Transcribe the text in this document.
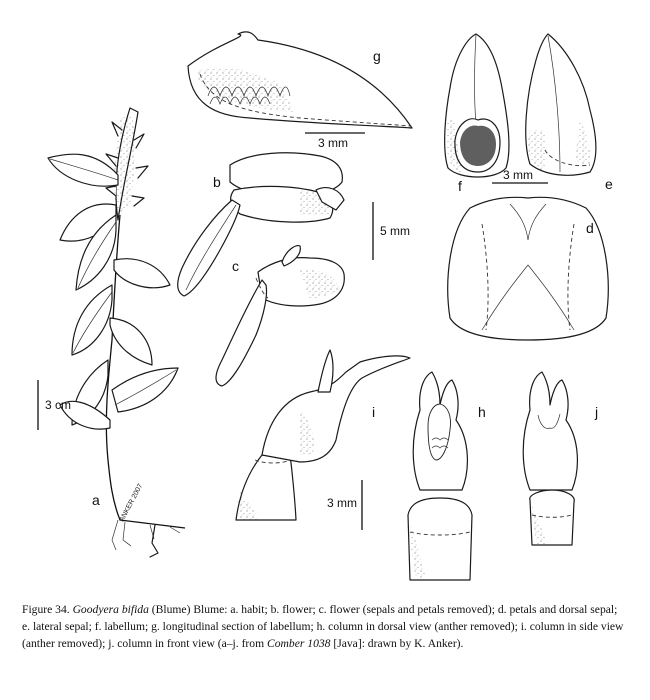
ANKER 2007
a
b
c
d
e
f
g
h
i	j
3 cm
3 mm
3 mm
5 mm
3 mm
Figure 34. Goodyera bifida (Blume) Blume: a. habit; b. flower; c. flower (sepals and petals removed); d. petals and dorsal sepal; e. lateral sepal; f. labellum; g. longitudinal section of labellum; h. column in dorsal view (anther removed); i. column in side view (anther removed); j. column in front view (a–j. from Comber 1038 [Java]: drawn by K. Anker).
